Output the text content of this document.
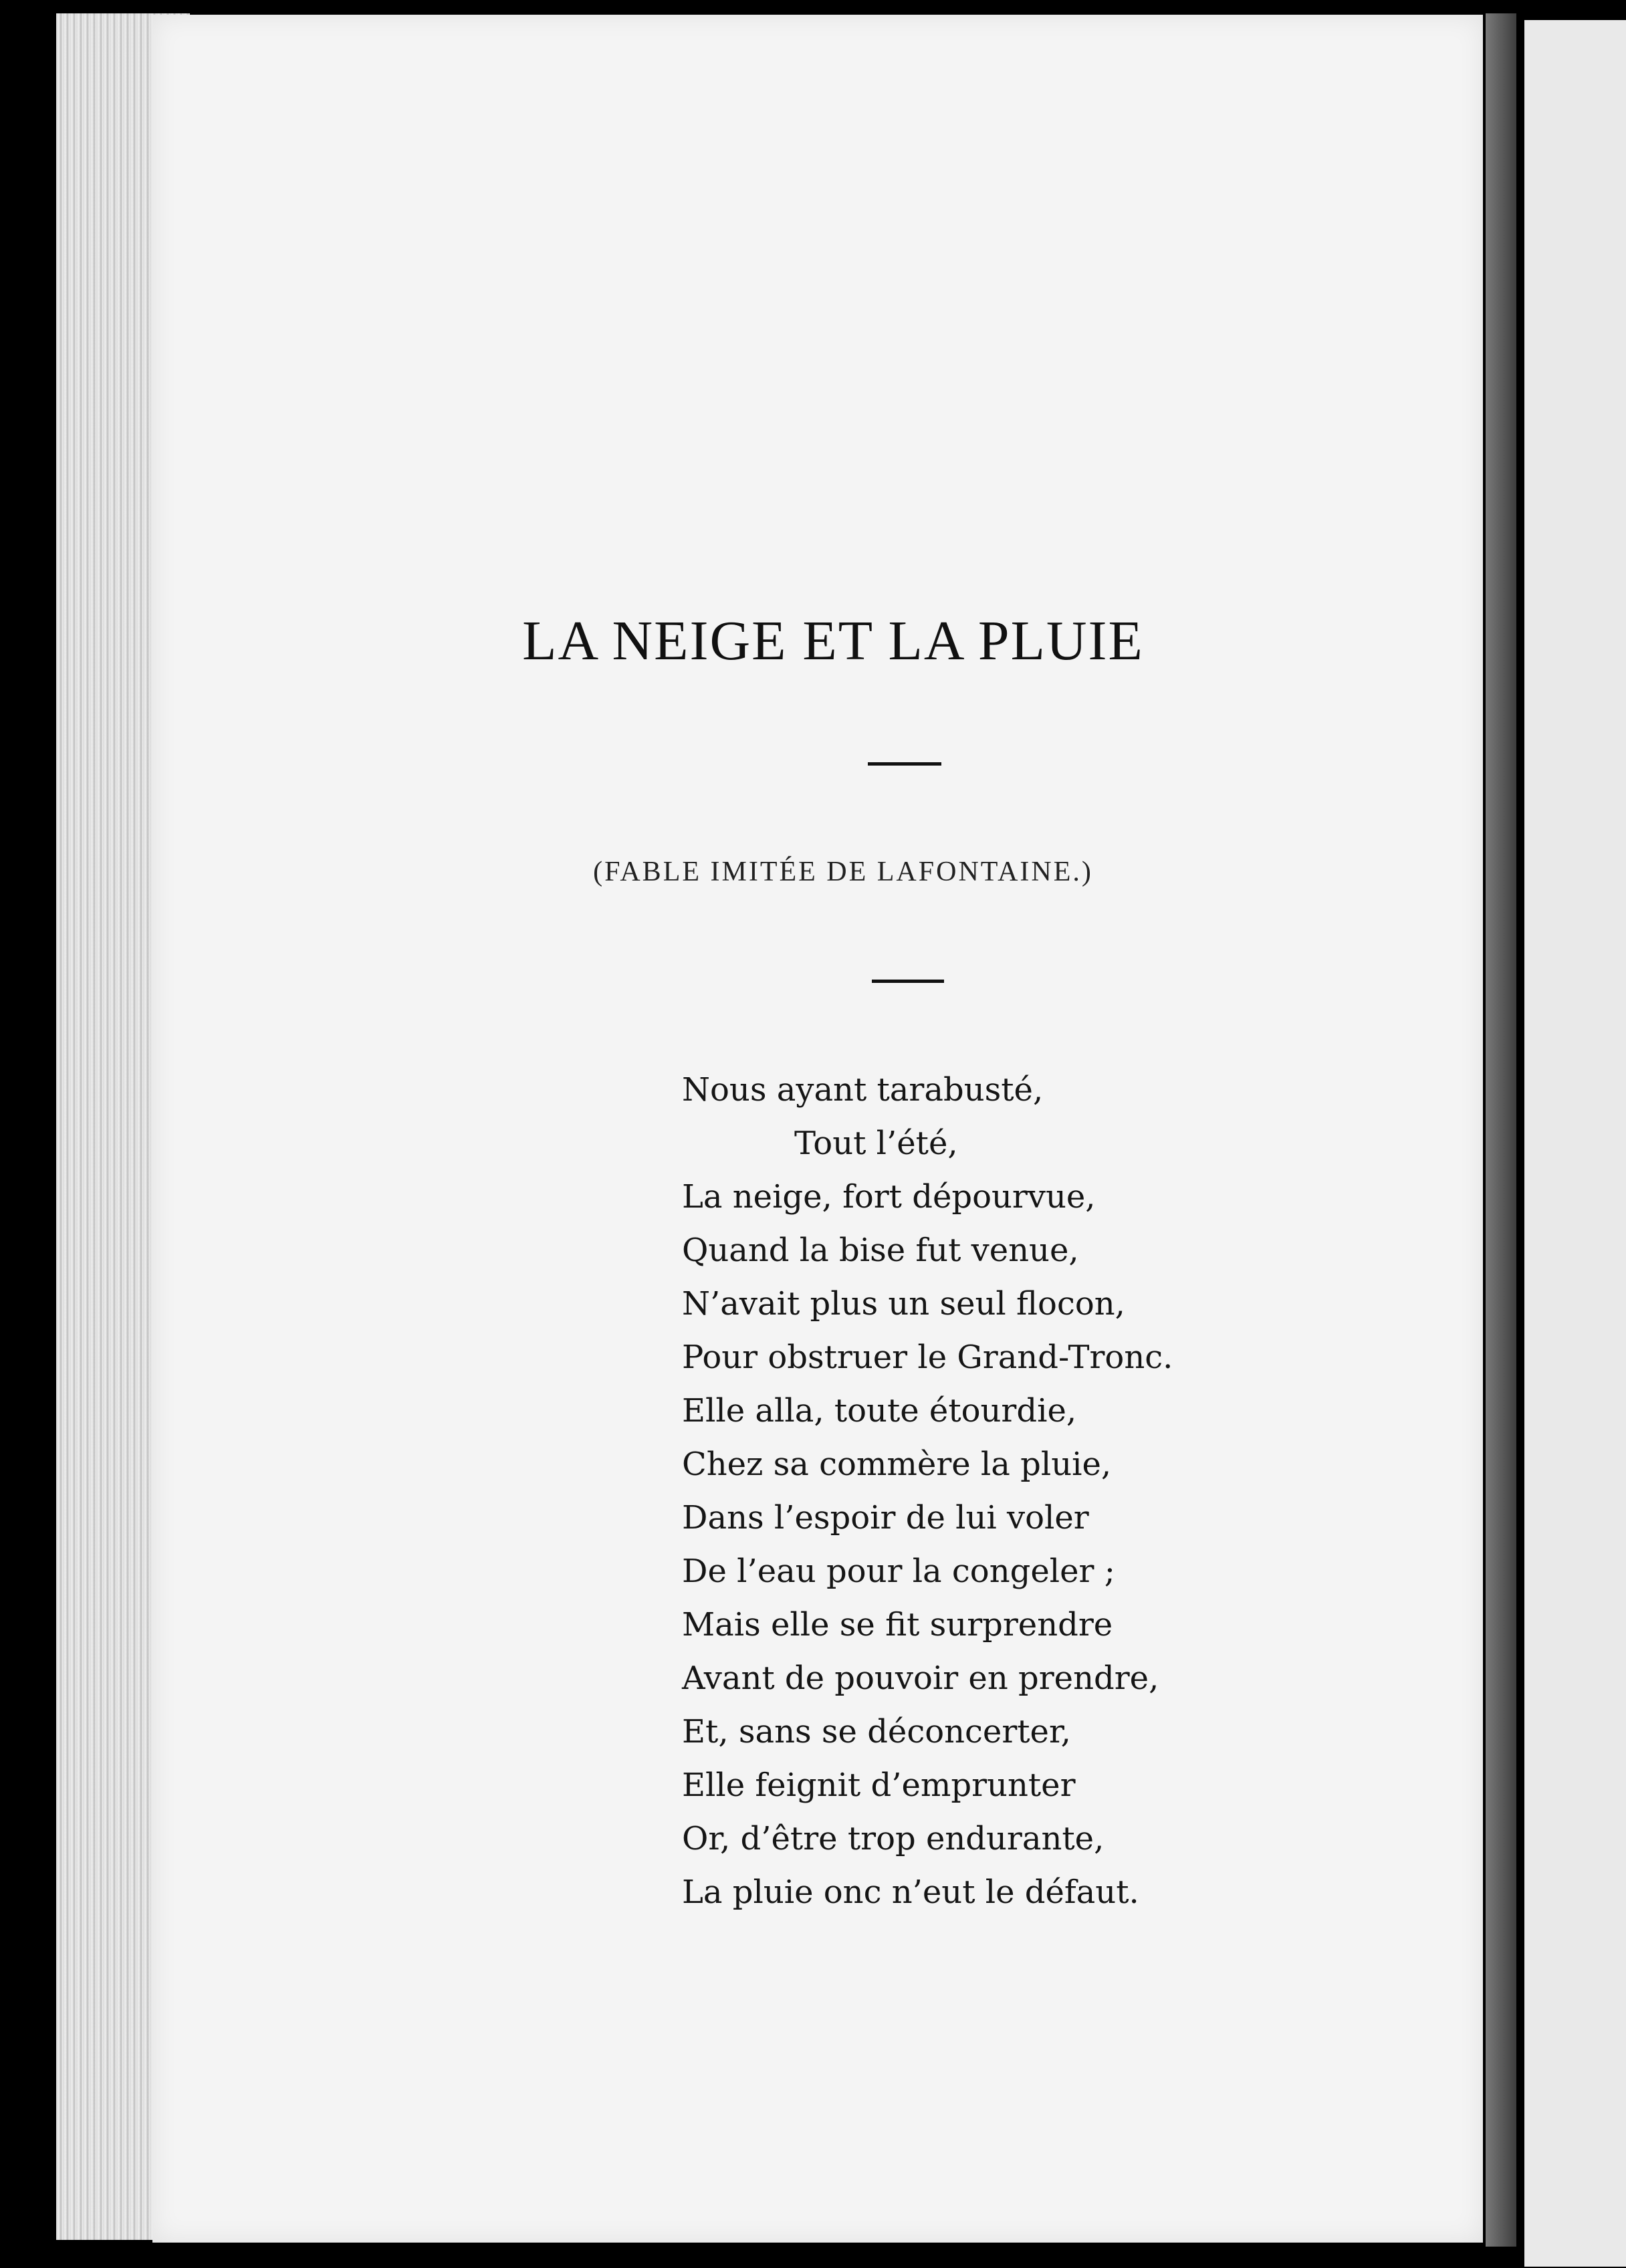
LA NEIGE ET LA PLUIE
(FABLE IMITÉE DE LAFONTAINE.)
Nous ayant tarabusté,
Tout l’été,
La neige, fort dépourvue,
Quand la bise fut venue,
N’avait plus un seul flocon,
Pour obstruer le Grand-Tronc.
Elle alla, toute étourdie,
Chez sa commère la pluie,
Dans l’espoir de lui voler
De l’eau pour la congeler ;
Mais elle se fit surprendre
Avant de pouvoir en prendre,
Et, sans se déconcerter,
Elle feignit d’emprunter
Or, d’être trop endurante,
La pluie onc n’eut le défaut.
